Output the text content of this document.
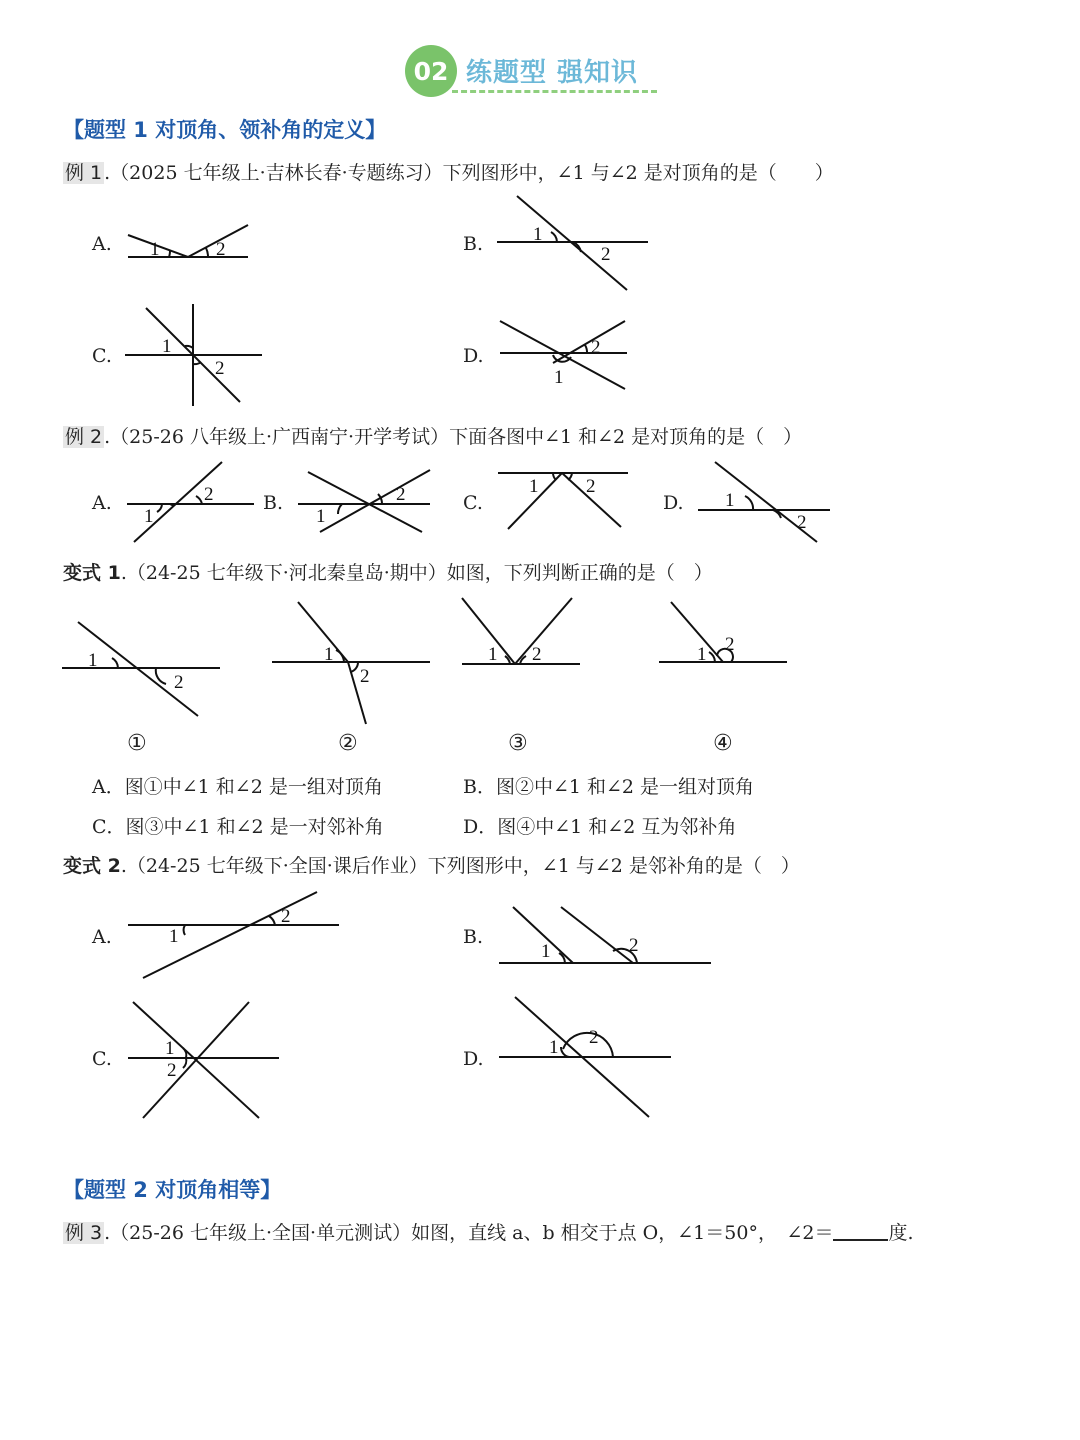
02 练题型 强知识
【题型 1 对顶角、领补角的定义】
例 1 .（2025 七年级上·吉林长春·专题练习）下列图形中，∠1 与∠2 是对顶角的是（　　）
A.	B.
C.	D.
1	2
1
2
1
2
2
1
例 2 .（25-26 八年级上·广西南宁·开学考试）下面各图中∠1 和∠2 是对顶角的是（　）
A.	B.	C.	D.
1
2
1
2	1	2
1
2
变式 1.（24-25 七年级下·河北秦皇岛·期中）如图，下列判断正确的是（　）
1
2
1
2
1 2	1 2
①	②	③	④
A．图①中∠1 和∠2 是一组对顶角	B．图②中∠1 和∠2 是一组对顶角
C．图③中∠1 和∠2 是一对邻补角	D．图④中∠1 和∠2 互为邻补角
变式 2.（24-25 七年级下·全国·课后作业）下列图形中，∠1 与∠2 是邻补角的是（　）
A.	B.
C.	D.
1
2
1	2
1
2
1 2
【题型 2 对顶角相等】
例 3 .（25-26 七年级上·全国·单元测试）如图，直线 a、b 相交于点 O，∠1＝50°，　∠2＝	度.
